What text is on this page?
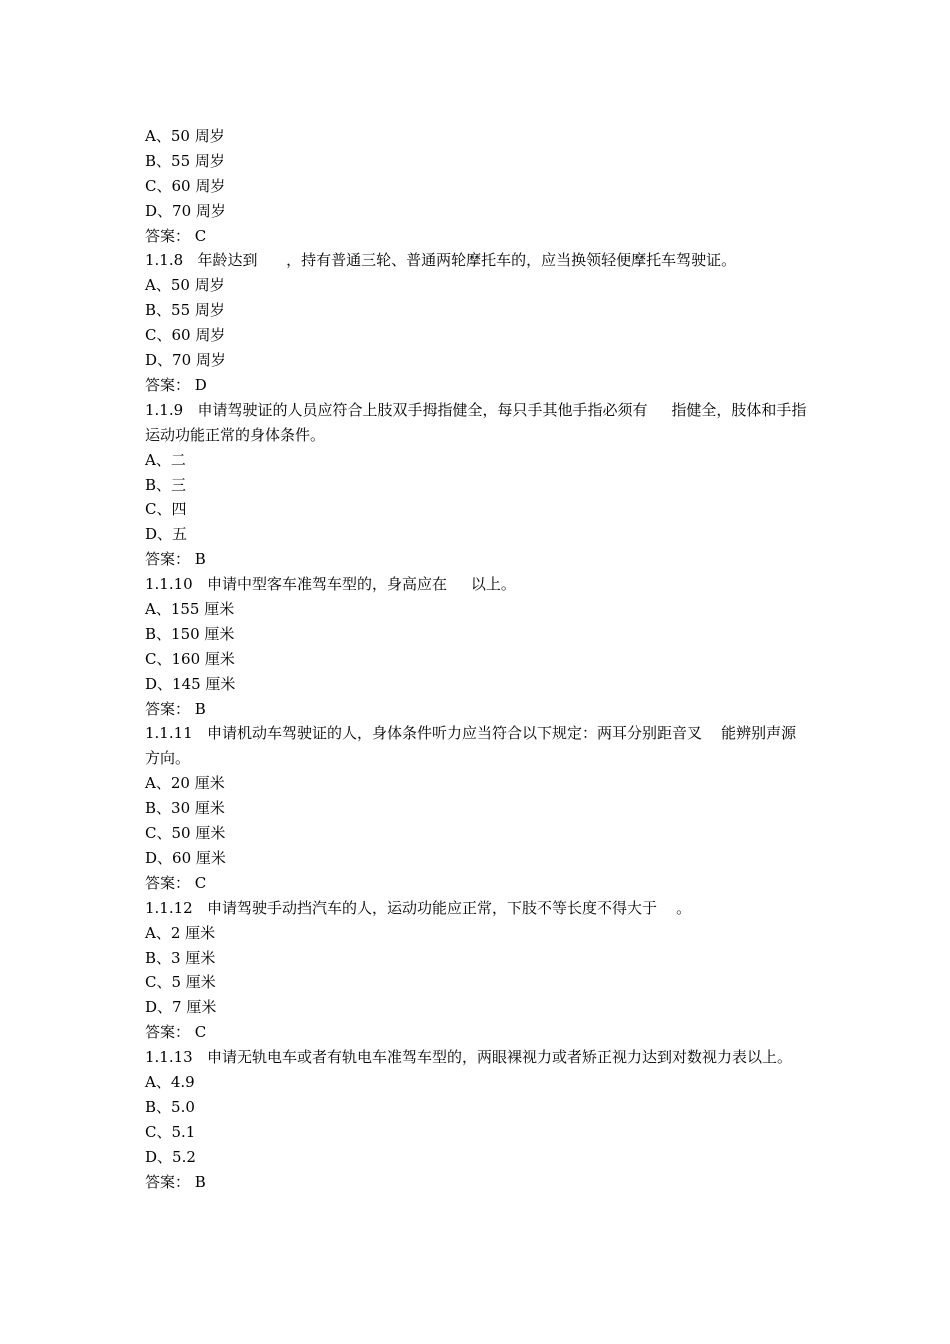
A、50 周岁

B、55 周岁

C、60 周岁

D、70 周岁

答案： C

1.1.8 年龄达到      ，持有普通三轮、普通两轮摩托车的，应当换领轻便摩托车驾驶证。

A、50 周岁

B、55 周岁

C、60 周岁

D、70 周岁

答案： D

1.1.9 申请驾驶证的人员应符合上肢双手拇指健全，每只手其他手指必须有     指健全，肢体和手指运动功能正常的身体条件。

A、二

B、三

C、四

D、五

答案： B

1.1.10 申请中型客车准驾车型的，身高应在     以上。

A、155 厘米

B、150 厘米

C、160 厘米

D、145 厘米

答案： B

1.1.11 申请机动车驾驶证的人，身体条件听力应当符合以下规定：两耳分别距音叉    能辨别声源方向。

A、20 厘米

B、30 厘米

C、50 厘米

D、60 厘米

答案： C

1.1.12 申请驾驶手动挡汽车的人，运动功能应正常，下肢不等长度不得大于    。

A、2 厘米

B、3 厘米

C、5 厘米

D、7 厘米

答案： C

1.1.13 申请无轨电车或者有轨电车准驾车型的，两眼裸视力或者矫正视力达到对数视力表以上。

A、4.9

B、5.0

C、5.1

D、5.2

答案： B
